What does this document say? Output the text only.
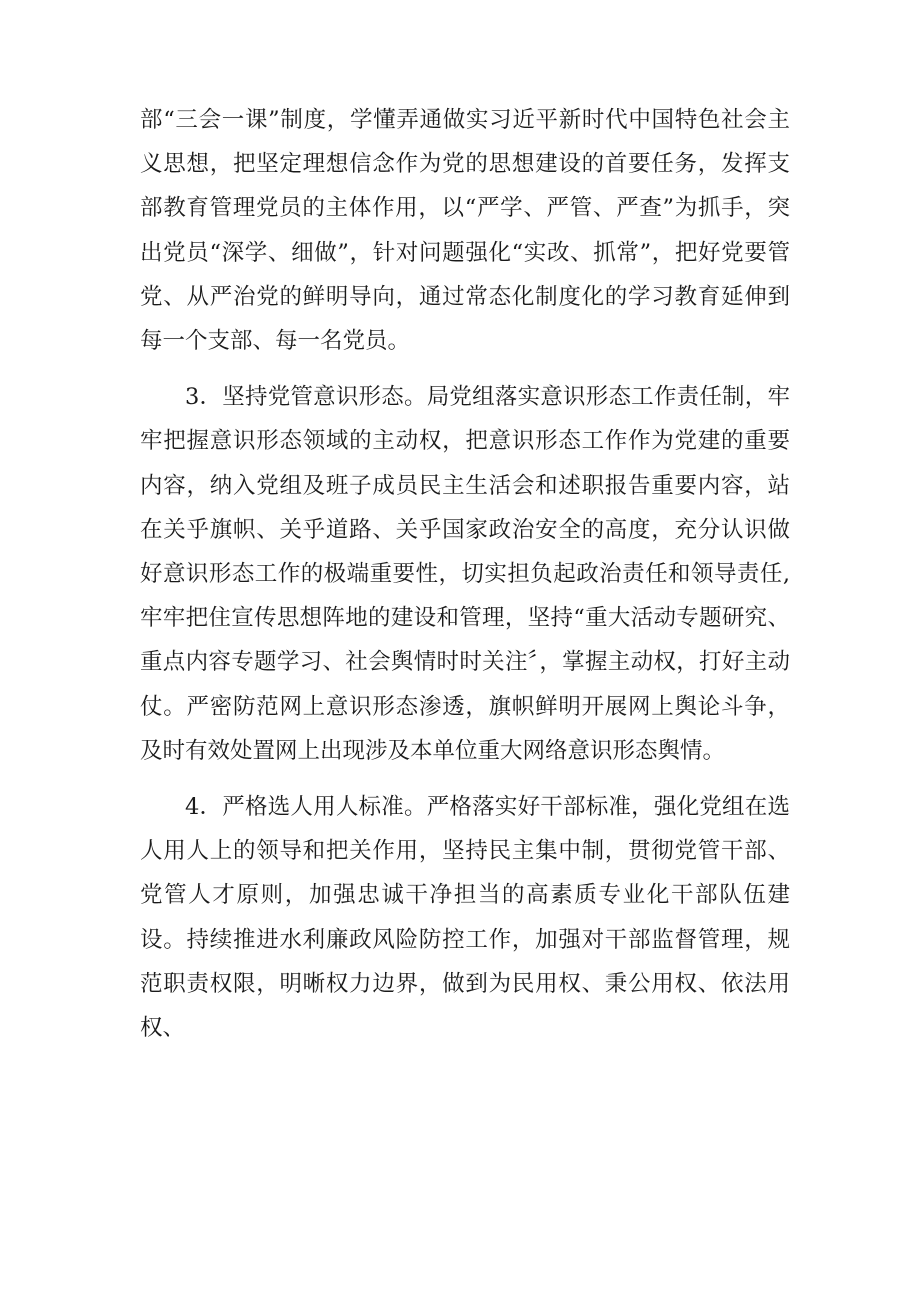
部“三会一课”制度，学懂弄通做实习近平新时代中国特色社会主义思想，把坚定理想信念作为党的思想建设的首要任务，发挥支部教育管理党员的主体作用，以“严学、严管、严查”为抓手，突出党员“深学、细做”，针对问题强化“实改、抓常”，把好党要管党、从严治党的鲜明导向，通过常态化制度化的学习教育延伸到每一个支部、每一名党员。

3．坚持党管意识形态。局党组落实意识形态工作责任制，牢牢把握意识形态领域的主动权，把意识形态工作作为党建的重要内容，纳入党组及班子成员民主生活会和述职报告重要内容，站在关乎旗帜、关乎道路、关乎国家政治安全的高度，充分认识做好意识形态工作的极端重要性，切实担负起政治责任和领导责任,牢牢把住宣传思想阵地的建设和管理，坚持“重大活动专题研究、重点内容专题学习、社会舆情时时关注〞，掌握主动权，打好主动仗。严密防范网上意识形态渗透，旗帜鲜明开展网上舆论斗争，及时有效处置网上出现涉及本单位重大网络意识形态舆情。

4．严格选人用人标准。严格落实好干部标准，强化党组在选人用人上的领导和把关作用，坚持民主集中制，贯彻党管干部、党管人才原则，加强忠诚干净担当的高素质专业化干部队伍建设。持续推进水利廉政风险防控工作，加强对干部监督管理，规范职责权限，明晰权力边界，做到为民用权、秉公用权、依法用权、
